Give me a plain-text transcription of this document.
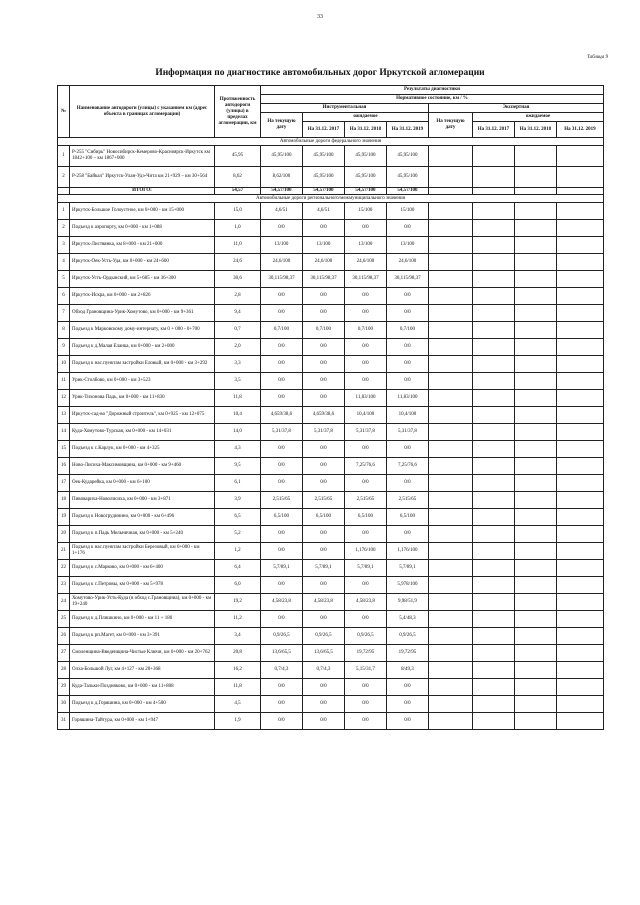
33
Таблица 9
Информация по диагностике автомобильных дорог Иркутской агломерации
№	Наименование автодороги (улицы) с указанием км (адрес объекта в границах агломерации)	Протяженность автодороги (улицы) в пределах агломерации, км	Результаты диагностики							
			Нормативное состояние, км / %							
			Инструментальная				Экспертная			
			На текущую дату	ожидаемое			На текущую дату	ожидаемое		
				На 31.12. 2017	На 31.12. 2018	На 31.12. 2019		На 31.12. 2017	На 31.12. 2018	На 31.12. 2019
Автомобильные дороги федерального значения										
1	Р-255 "Сибирь" Новосибирск-Кемерово-Красноярск-Иркутск км 1842+100 – км 1867+000	45,95	45,95/100	45,95/100	45,95/100	45,95/100				
2	Р-258 "Байкал" Иркутск-Улан-Удэ-Чита км 21+929 – км 30+564	8,62	8,62/100	45,95/100	45,95/100	45,95/100				
	ИТОГО:	54,57	54,57/100	54,57/100	54,57/100	54,57/100				
Автомобильные дороги регионального/межмуниципального значения										
1	Иркутск-Большое Голоустное, км 0+000 - км 15+000	15,0	4,6/51	4,6/51	15/100	15/100				
2	Подъезд к аэропорту, км 0+000 - км 1+088	1,0	0/0	0/0	0/0	0/0				
3	Иркутск-Листвянка, км 8+000 - км 21+000	11,0	13/100	13/100	13/100	13/100				
4	Иркутск-Оек-Усть-Уда, км 0+000 - км 24+600	24,6	24,6/100	24,6/100	24,6/100	24,6/100				
5	Иркутск-Усть-Ордынский, км 5+685 - км 36+300	30,6	30,115/98,37	30,115/98,37	30,115/98,37	30,115/98,37				
6	Иркутск-Искра, км 0+000 - км 2+826	2,8	0/0	0/0	0/0	0/0				
7	Обход Грановщина-Урик-Хомутово, км 0+000 - км 9+361	9,4	0/0	0/0	0/0	0/0				
8	Подъезд к Марковскому дому-интернату, км 0 + 000 - 0+700	0,7	0,7/100	0,7/100	0,7/100	0,7/100				
9	Подъезд к д.Малая Еланка, км 0+000 - км 2+000	2,0	0/0	0/0	0/0	0/0				
10	Подъезд к нас.пунктам застройки Еловый, км 0+000 - км 3+292	3,3	0/0	0/0	0/0	0/0				
11	Урик-Столбово, км 0+000 - км 3+523	3,5	0/0	0/0	0/0	0/0				
12	Урик-Тихонова Падь, км 0+000 - км 11+830	11,8	0/0	0/0	11,83/100	11,83/100				
13	Иркутск-сад-во "Дорожный строитель", км 0+925 - км 12+075	10,4	4,659/38,6	4,659/38,6	10,4/100	10,4/100				
14	Куда-Хомутово-Турская, км 0+000 - км 14+031	14,0	5,31/37,8	5,31/37,8	5,31/37,8	5,31/37,8				
15	Подъезд к с.Карлук, км 0+000 - км 4+325	4,3	0/0	0/0	0/0	0/0				
16	Ново-Лисиха-Максимовщина, км 0+000 - км 9+460	9,5	0/0	0/0	7,25/76,6	7,25/76,6				
17	Оек-Кударейка, км 0+000 - км 6+100	6,1	0/0	0/0	0/0	0/0				
18	Пивовариха-Новолисиха, км 0+000 - км 3+871	3,9	2,515/65	2,515/65	2,515/65	2,515/65				
19	Подъезд к Новогрудинино, км 0+000 - км 6+496	6,5	6,5/100	6,5/100	6,5/100	6,5/100				
20	Подъезд к п.Падь Мельничная, км 0+000 - км 5+240	5,2	0/0	0/0	0/0	0/0				
21	Подъезд к нас.пунктам застройки Березовый, км 0+000 - км 1+176	1,2	0/0	0/0	1,176/100	1,176/100				
22	Подъезд к с.Марково, км 0+000 - км 6+400	6,4	5,7/89,1	5,7/89,1	5,7/89,1	5,7/89,1				
23	Подъезд к с.Петровы, км 0+000 - км 5+978	6,0	0/0	0/0	0/0	5,978/100				
24	Хомутово-Урик-Усть-Куда (в обход с.Грановщина), км 0+000 - км 19+240	19,2	4,58/23,8	4,58/23,8	4,58/23,8	9,98/51,9				
25	Подъезд к д.Плишкино, км 0+000 - км 11 + 180	11,2	0/0	0/0	0/0	5,4/48,3				
26	Подъезд к рп.Магет, км 0+000 - км 3+391	3,4	0,9/26,5	0,9/26,5	0,9/26,5	0,9/26,5				
27	Смоленщина-Введенщина-Чистые Ключи, км 0+000 - км 20+762	20,8	13,6/65,5	13,6/65,5	19,72/95	19,72/95				
28	Олха-Большой Луг, км 4+127 - км 20+368	16,2	0,7/4,3	0,7/4,3	5,15/31,7	8/49,3				
29	Куда-Тальки-Поздняково, км 0+000 - км 11+808	11,8	0/0	0/0	0/0	0/0				
30	Подъезд к д.Горяшина, км 0+000 - км 4+500	4,5	0/0	0/0	0/0	0/0				
31	Горяшина-Тайтура, км 0+000 - км 1+947	1,9	0/0	0/0	0/0	0/0				
